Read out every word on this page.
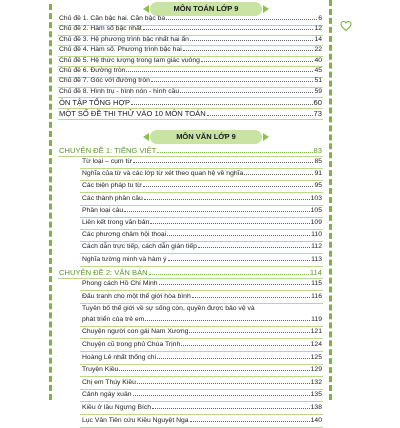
MÔN TOÁN LỚP 9
Chủ đề 1. Căn bậc hai. Căn bậc ba	6
Chủ đề 2. Hàm số bậc nhất	12
Chủ đề 3. Hệ phương trình bậc nhất hai ẩn	14
Chủ đề 4. Hàm số. Phương trình bậc hai	22
Chủ đề 5. Hệ thức lượng trong tam giác vuông	40
Chủ đề 6. Đường tròn	45
Chủ đề 7. Góc với đường tròn	51
Chủ đề 8. Hình trụ - hình nón - hình cầu	59
ÔN TẬP TỔNG HỢP	60
MỘT SỐ ĐỀ THI THỬ VÀO 10 MÔN TOÁN	73
MÔN VĂN LỚP 9
CHUYÊN ĐỀ 1: TIẾNG VIỆT	83
Từ loại – cụm từ	85
Nghĩa của từ và các lớp từ xét theo quan hệ về nghĩa	91
Các biện pháp tu từ	95
Các thành phần câu	103
Phân loại câu	105
Liên kết trong văn bản	109
Các phương châm hội thoại	110
Cách dẫn trực tiếp, cách dẫn gián tiếp	112
Nghĩa tường minh và hàm ý	113
CHUYÊN ĐỀ 2: VĂN BẢN	114
Phong cách Hồ Chí Minh	115
Đấu tranh cho một thế giới hòa bình	116
Tuyên bố thế giới về sự sống còn, quyền được bảo vệ và
phát triển của trẻ em	119
Chuyện người con gái Nam Xương	121
Chuyện cũ trong phủ Chúa Trịnh	124
Hoàng Lê nhất thống chí	125
Truyện Kiều	129
Chị em Thúy Kiều	132
Cảnh ngày xuân	135
Kiều ở lầu Ngưng Bích	138
Lục Vân Tiên cứu Kiều Nguyệt Nga	140
